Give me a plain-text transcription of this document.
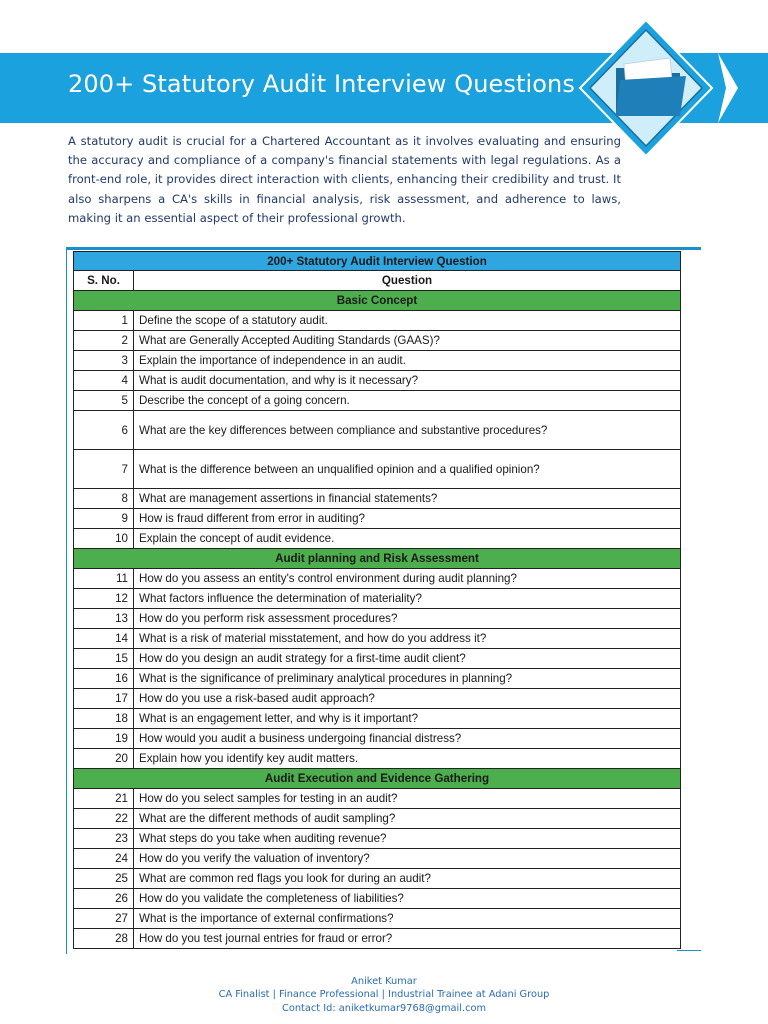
200+ Statutory Audit Interview Questions
A statutory audit is crucial for a Chartered Accountant as it involves evaluating and ensuring the accuracy and compliance of a company's financial statements with legal regulations. As a front-end role, it provides direct interaction with clients, enhancing their credibility and trust. It also sharpens a CA's skills in financial analysis, risk assessment, and adherence to laws, making it an essential aspect of their professional growth.
200+ Statutory Audit Interview Question	
S. No.	Question
Basic Concept	
1	Define the scope of a statutory audit.
2	What are Generally Accepted Auditing Standards (GAAS)?
3	Explain the importance of independence in an audit.
4	What is audit documentation, and why is it necessary?
5	Describe the concept of a going concern.
6	What are the key differences between compliance and substantive procedures?
7	What is the difference between an unqualified opinion and a qualified opinion?
8	What are management assertions in financial statements?
9	How is fraud different from error in auditing?
10	Explain the concept of audit evidence.
Audit planning and Risk Assessment	
11	How do you assess an entity's control environment during audit planning?
12	What factors influence the determination of materiality?
13	How do you perform risk assessment procedures?
14	What is a risk of material misstatement, and how do you address it?
15	How do you design an audit strategy for a first-time audit client?
16	What is the significance of preliminary analytical procedures in planning?
17	How do you use a risk-based audit approach?
18	What is an engagement letter, and why is it important?
19	How would you audit a business undergoing financial distress?
20	Explain how you identify key audit matters.
Audit Execution and Evidence Gathering	
21	How do you select samples for testing in an audit?
22	What are the different methods of audit sampling?
23	What steps do you take when auditing revenue?
24	How do you verify the valuation of inventory?
25	What are common red flags you look for during an audit?
26	How do you validate the completeness of liabilities?
27	What is the importance of external confirmations?
28	How do you test journal entries for fraud or error?
Aniket Kumar
CA Finalist | Finance Professional | Industrial Trainee at Adani Group
Contact Id: aniketkumar9768@gmail.com
